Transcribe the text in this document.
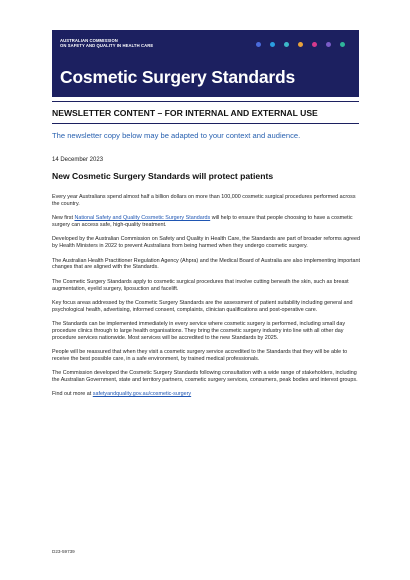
AUSTRALIAN COMMISSION
ON SAFETY AND QUALITY IN HEALTH CARE
Cosmetic Surgery Standards
NEWSLETTER CONTENT – FOR INTERNAL AND EXTERNAL USE
The newsletter copy below may be adapted to your context and audience.
14 December 2023
New Cosmetic Surgery Standards will protect patients

Every year Australians spend almost half a billion dollars on more than 100,000 cosmetic surgical procedures performed across the country.

New first National Safety and Quality Cosmetic Surgery Standards will help to ensure that people choosing to have a cosmetic surgery can access safe, high-quality treatment.

Developed by the Australian Commission on Safety and Quality in Health Care, the Standards are part of broader reforms agreed by Health Ministers in 2022 to prevent Australians from being harmed when they undergo cosmetic surgery.

The Australian Health Practitioner Regulation Agency (Ahpra) and the Medical Board of Australia are also implementing important changes that are aligned with the Standards.

The Cosmetic Surgery Standards apply to cosmetic surgical procedures that involve cutting beneath the skin, such as breast augmentation, eyelid surgery, liposuction and facelift.

Key focus areas addressed by the Cosmetic Surgery Standards are the assessment of patient suitability including general and psychological health, advertising, informed consent, complaints, clinician qualifications and post-operative care.

The Standards can be implemented immediately in every service where cosmetic surgery is performed, including small day procedure clinics through to large health organisations. They bring the cosmetic surgery industry into line with all other day procedure services nationwide. Most services will be accredited to the new Standards by 2025.

People will be reassured that when they visit a cosmetic surgery service accredited to the Standards that they will be able to receive the best possible care, in a safe environment, by trained medical professionals.

The Commission developed the Cosmetic Surgery Standards following consultation with a wide range of stakeholders, including the Australian Government, state and territory partners, cosmetic surgery services, consumers, peak bodies and interest groups.

Find out more at safetyandquality.gov.au/cosmetic-surgery

D23-59739
